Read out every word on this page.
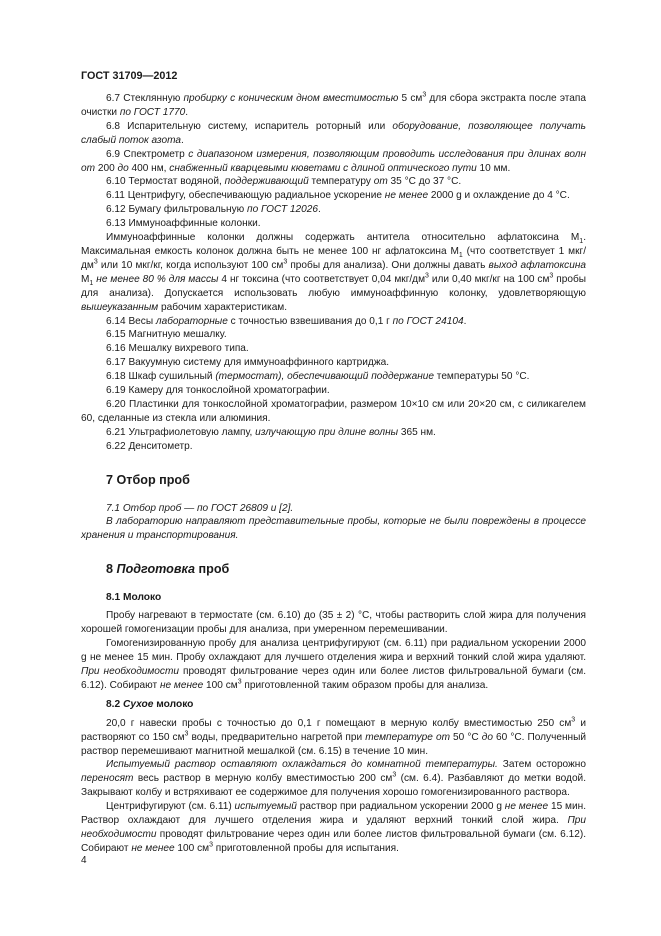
ГОСТ 31709—2012

6.7 Стеклянную пробирку с коническим дном вместимостью 5 $см^3$ для сбора экстракта после этапа очистки по ГОСТ 1770.

6.8 Испарительную систему, испаритель роторный или оборудование, позволяющее получать слабый поток азота.

6.9 Спектрометр с диапазоном измерения, позволяющим проводить исследования при длинах волн от 200 до 400 нм, снабженный кварцевыми кюветами с длиной оптического пути 10 мм.

6.10 Термостат водяной, поддерживающий температуру от 35 °С до 37 °С.

6.11 Центрифугу, обеспечивающую радиальное ускорение не менее 2000 g и охлаждение до 4 °С.

6.12 Бумагу фильтровальную по ГОСТ 12026.

6.13 Иммуноаффинные колонки.

Иммуноаффинные колонки должны содержать антитела относительно афлатоксина $M_1$. Максимальная емкость колонок должна быть не менее 100 нг афлатоксина $M_1$ (что соответствует 1 мкг/$дм^3$ или 10 мкг/кг, когда используют 100 $см^3$ пробы для анализа). Они должны давать выход афлатоксина $M_1$ не менее 80 % для массы 4 нг токсина (что соответствует 0,04 мкг/$дм^3$ или 0,40 мкг/кг на 100 $см^3$ пробы для анализа). Допускается использовать любую иммуноаффинную колонку, удовлетворяющую вышеуказанным рабочим характеристикам.

6.14 Весы лабораторные с точностью взвешивания до 0,1 г по ГОСТ 24104.

6.15 Магнитную мешалку.

6.16 Мешалку вихревого типа.

6.17 Вакуумную систему для иммуноаффинного картриджа.

6.18 Шкаф сушильный (термостат), обеспечивающий поддержание температуры 50 °С.

6.19 Камеру для тонкослойной хроматографии.

6.20 Пластинки для тонкослойной хроматографии, размером 10×10 см или 20×20 см, с силикагелем 60, сделанные из стекла или алюминия.

6.21 Ультрафиолетовую лампу, излучающую при длине волны 365 нм.

6.22 Денситометр.

7 Отбор проб

7.1 Отбор проб — по ГОСТ 26809 и [2].

В лабораторию направляют представительные пробы, которые не были повреждены в процессе хранения и транспортирования.

8 Подготовка проб

8.1 Молоко

Пробу нагревают в термостате (см. 6.10) до (35 ± 2) °С, чтобы растворить слой жира для получения хорошей гомогенизации пробы для анализа, при умеренном перемешивании.

Гомогенизированную пробу для анализа центрифугируют (см. 6.11) при радиальном ускорении 2000 g не менее 15 мин. Пробу охлаждают для лучшего отделения жира и верхний тонкий слой жира удаляют. При необходимости проводят фильтрование через один или более листов фильтровальной бумаги (см. 6.12). Собирают не менее 100 $см^3$ приготовленной таким образом пробы для анализа.

8.2 Сухое молоко

20,0 г навески пробы с точностью до 0,1 г помещают в мерную колбу вместимостью 250 $см^3$ и растворяют со 150 $см^3$ воды, предварительно нагретой при температуре от 50 °С до 60 °С. Полученный раствор перемешивают магнитной мешалкой (см. 6.15) в течение 10 мин.

Испытуемый раствор оставляют охлаждаться до комнатной температуры. Затем осторожно переносят весь раствор в мерную колбу вместимостью 200 $см^3$ (см. 6.4). Разбавляют до метки водой. Закрывают колбу и встряхивают ее содержимое для получения хорошо гомогенизированного раствора.

Центрифугируют (см. 6.11) испытуемый раствор при радиальном ускорении 2000 g не менее 15 мин. Раствор охлаждают для лучшего отделения жира и удаляют верхний тонкий слой жира. При необходимости проводят фильтрование через один или более листов фильтровальной бумаги (см. 6.12). Собирают не менее 100 $см^3$ приготовленной пробы для испытания.

4
